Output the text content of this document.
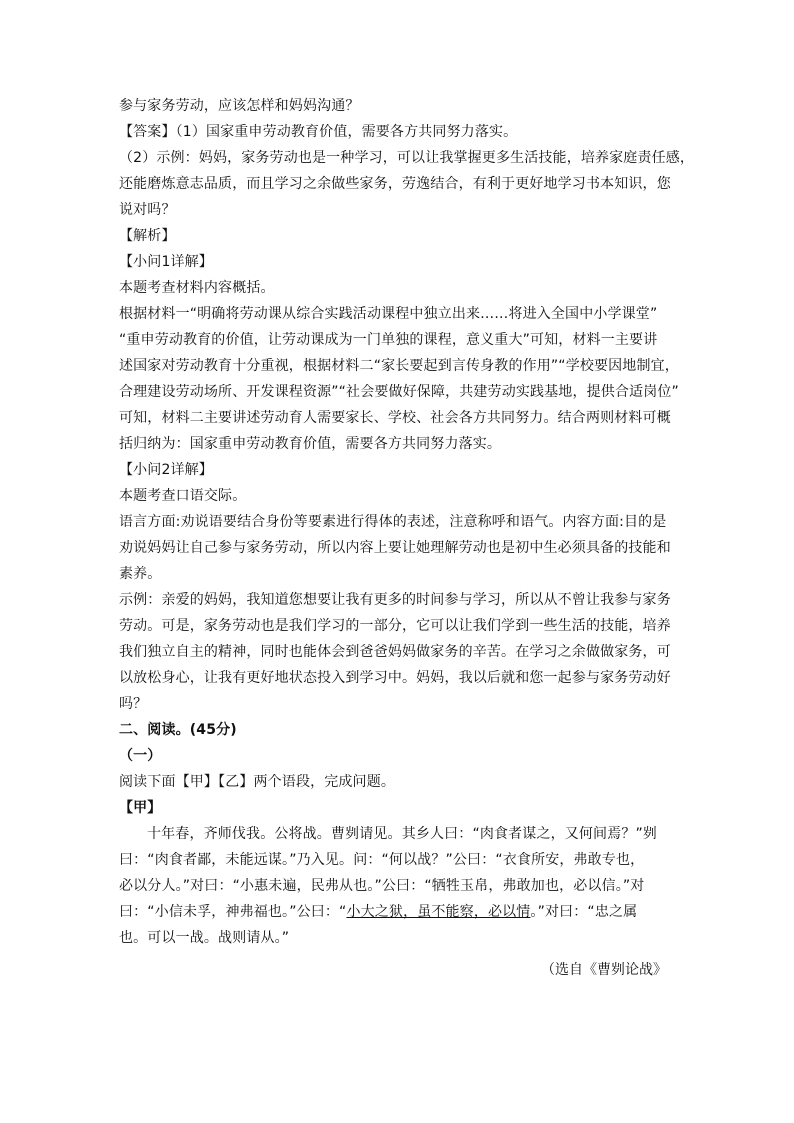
参与家务劳动，应该怎样和妈妈沟通？
【答案】（1）国家重申劳动教育价值，需要各方共同努力落实。
（2）示例：妈妈，家务劳动也是一种学习，可以让我掌握更多生活技能，培养家庭责任感，
还能磨炼意志品质，而且学习之余做些家务，劳逸结合，有利于更好地学习书本知识，您
说对吗？
【解析】
【小问1详解】
本题考查材料内容概括。
根据材料一“明确将劳动课从综合实践活动课程中独立出来……将进入全国中小学课堂”
“重申劳动教育的价值，让劳动课成为一门单独的课程，意义重大”可知，材料一主要讲
述国家对劳动教育十分重视，根据材料二“家长要起到言传身教的作用”“学校要因地制宜，
合理建设劳动场所、开发课程资源”“社会要做好保障，共建劳动实践基地，提供合适岗位”
可知，材料二主要讲述劳动育人需要家长、学校、社会各方共同努力。结合两则材料可概
括归纳为：国家重申劳动教育价值，需要各方共同努力落实。
【小问2详解】
本题考查口语交际。
语言方面:劝说语要结合身份等要素进行得体的表述，注意称呼和语气。内容方面:目的是
劝说妈妈让自己参与家务劳动，所以内容上要让她理解劳动也是初中生必须具备的技能和
素养。
示例：亲爱的妈妈，我知道您想要让我有更多的时间参与学习，所以从不曾让我参与家务
劳动。可是，家务劳动也是我们学习的一部分，它可以让我们学到一些生活的技能，培养
我们独立自主的精神，同时也能体会到爸爸妈妈做家务的辛苦。在学习之余做做家务，可
以放松身心，让我有更好地状态投入到学习中。妈妈，我以后就和您一起参与家务劳动好
吗？
二、阅读。(45分)
（一）
阅读下面【甲】【乙】两个语段，完成问题。
【甲】
十年春，齐师伐我。公将战。曹刿请见。其乡人曰：“肉食者谋之，又何间焉？”刿
曰：“肉食者鄙，未能远谋。”乃入见。问：“何以战？”公曰：“衣食所安，弗敢专也，
必以分人。”对曰：“小惠未遍，民弗从也。”公曰：“牺牲玉帛，弗敢加也，必以信。”对
曰：“小信未孚，神弗福也。”公曰：“小大之狱，虽不能察，必以情。”对曰：“忠之属
也。可以一战。战则请从。”
（选自《曹刿论战》
